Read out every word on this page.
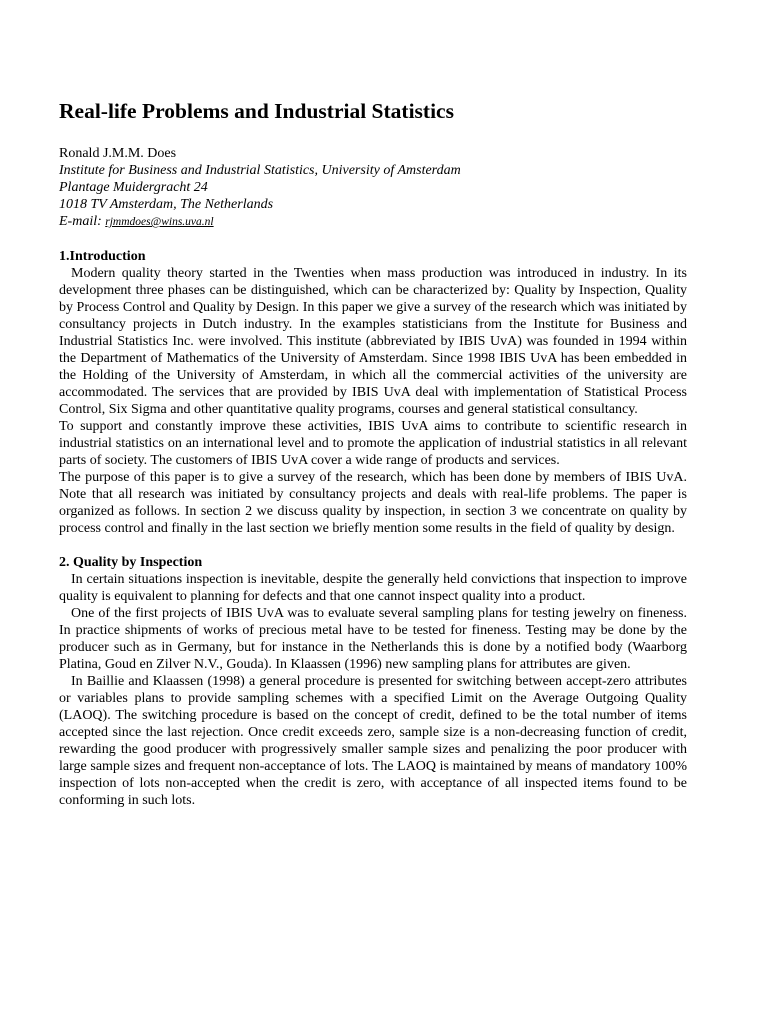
Real-life Problems and Industrial Statistics
Ronald J.M.M. Does
Institute for Business and Industrial Statistics, University of Amsterdam
Plantage Muidergracht 24
1018 TV Amsterdam, The Netherlands
E-mail: rjmmdoes@wins.uva.nl
1.Introduction

Modern quality theory started in the Twenties when mass production was introduced in industry. In its development three phases can be distinguished, which can be characterized by: Quality by Inspection, Quality by Process Control and Quality by Design. In this paper we give a survey of the research which was initiated by consultancy projects in Dutch industry. In the examples statisticians from the Institute for Business and Industrial Statistics Inc. were involved. This institute (abbreviated by IBIS UvA) was founded in 1994 within the Department of Mathematics of the University of Amsterdam. Since 1998 IBIS UvA has been embedded in the Holding of the University of Amsterdam, in which all the commercial activities of the university are accommodated. The services that are provided by IBIS UvA deal with implementation of Statistical Process Control, Six Sigma and other quantitative quality programs, courses and general statistical consultancy.

To support and constantly improve these activities, IBIS UvA aims to contribute to scientific research in industrial statistics on an international level and to promote the application of industrial statistics in all relevant parts of society. The customers of IBIS UvA cover a wide range of products and services.

The purpose of this paper is to give a survey of the research, which has been done by members of IBIS UvA. Note that all research was initiated by consultancy projects and deals with real-life problems. The paper is organized as follows. In section 2 we discuss quality by inspection, in section 3 we concentrate on quality by process control and finally in the last section we briefly mention some results in the field of quality by design.

2. Quality by Inspection

In certain situations inspection is inevitable, despite the generally held convictions that inspection to improve quality is equivalent to planning for defects and that one cannot inspect quality into a product.

One of the first projects of IBIS UvA was to evaluate several sampling plans for testing jewelry on fineness. In practice shipments of works of precious metal have to be tested for fineness. Testing may be done by the producer such as in Germany, but for instance in the Netherlands this is done by a notified body (Waarborg Platina, Goud en Zilver N.V., Gouda). In Klaassen (1996) new sampling plans for attributes are given.

In Baillie and Klaassen (1998) a general procedure is presented for switching between accept-zero attributes or variables plans to provide sampling schemes with a specified Limit on the Average Outgoing Quality (LAOQ). The switching procedure is based on the concept of credit, defined to be the total number of items accepted since the last rejection. Once credit exceeds zero, sample size is a non-decreasing function of credit, rewarding the good producer with progressively smaller sample sizes and penalizing the poor producer with large sample sizes and frequent non-acceptance of lots. The LAOQ is maintained by means of mandatory 100% inspection of lots non-accepted when the credit is zero, with acceptance of all inspected items found to be conforming in such lots.
